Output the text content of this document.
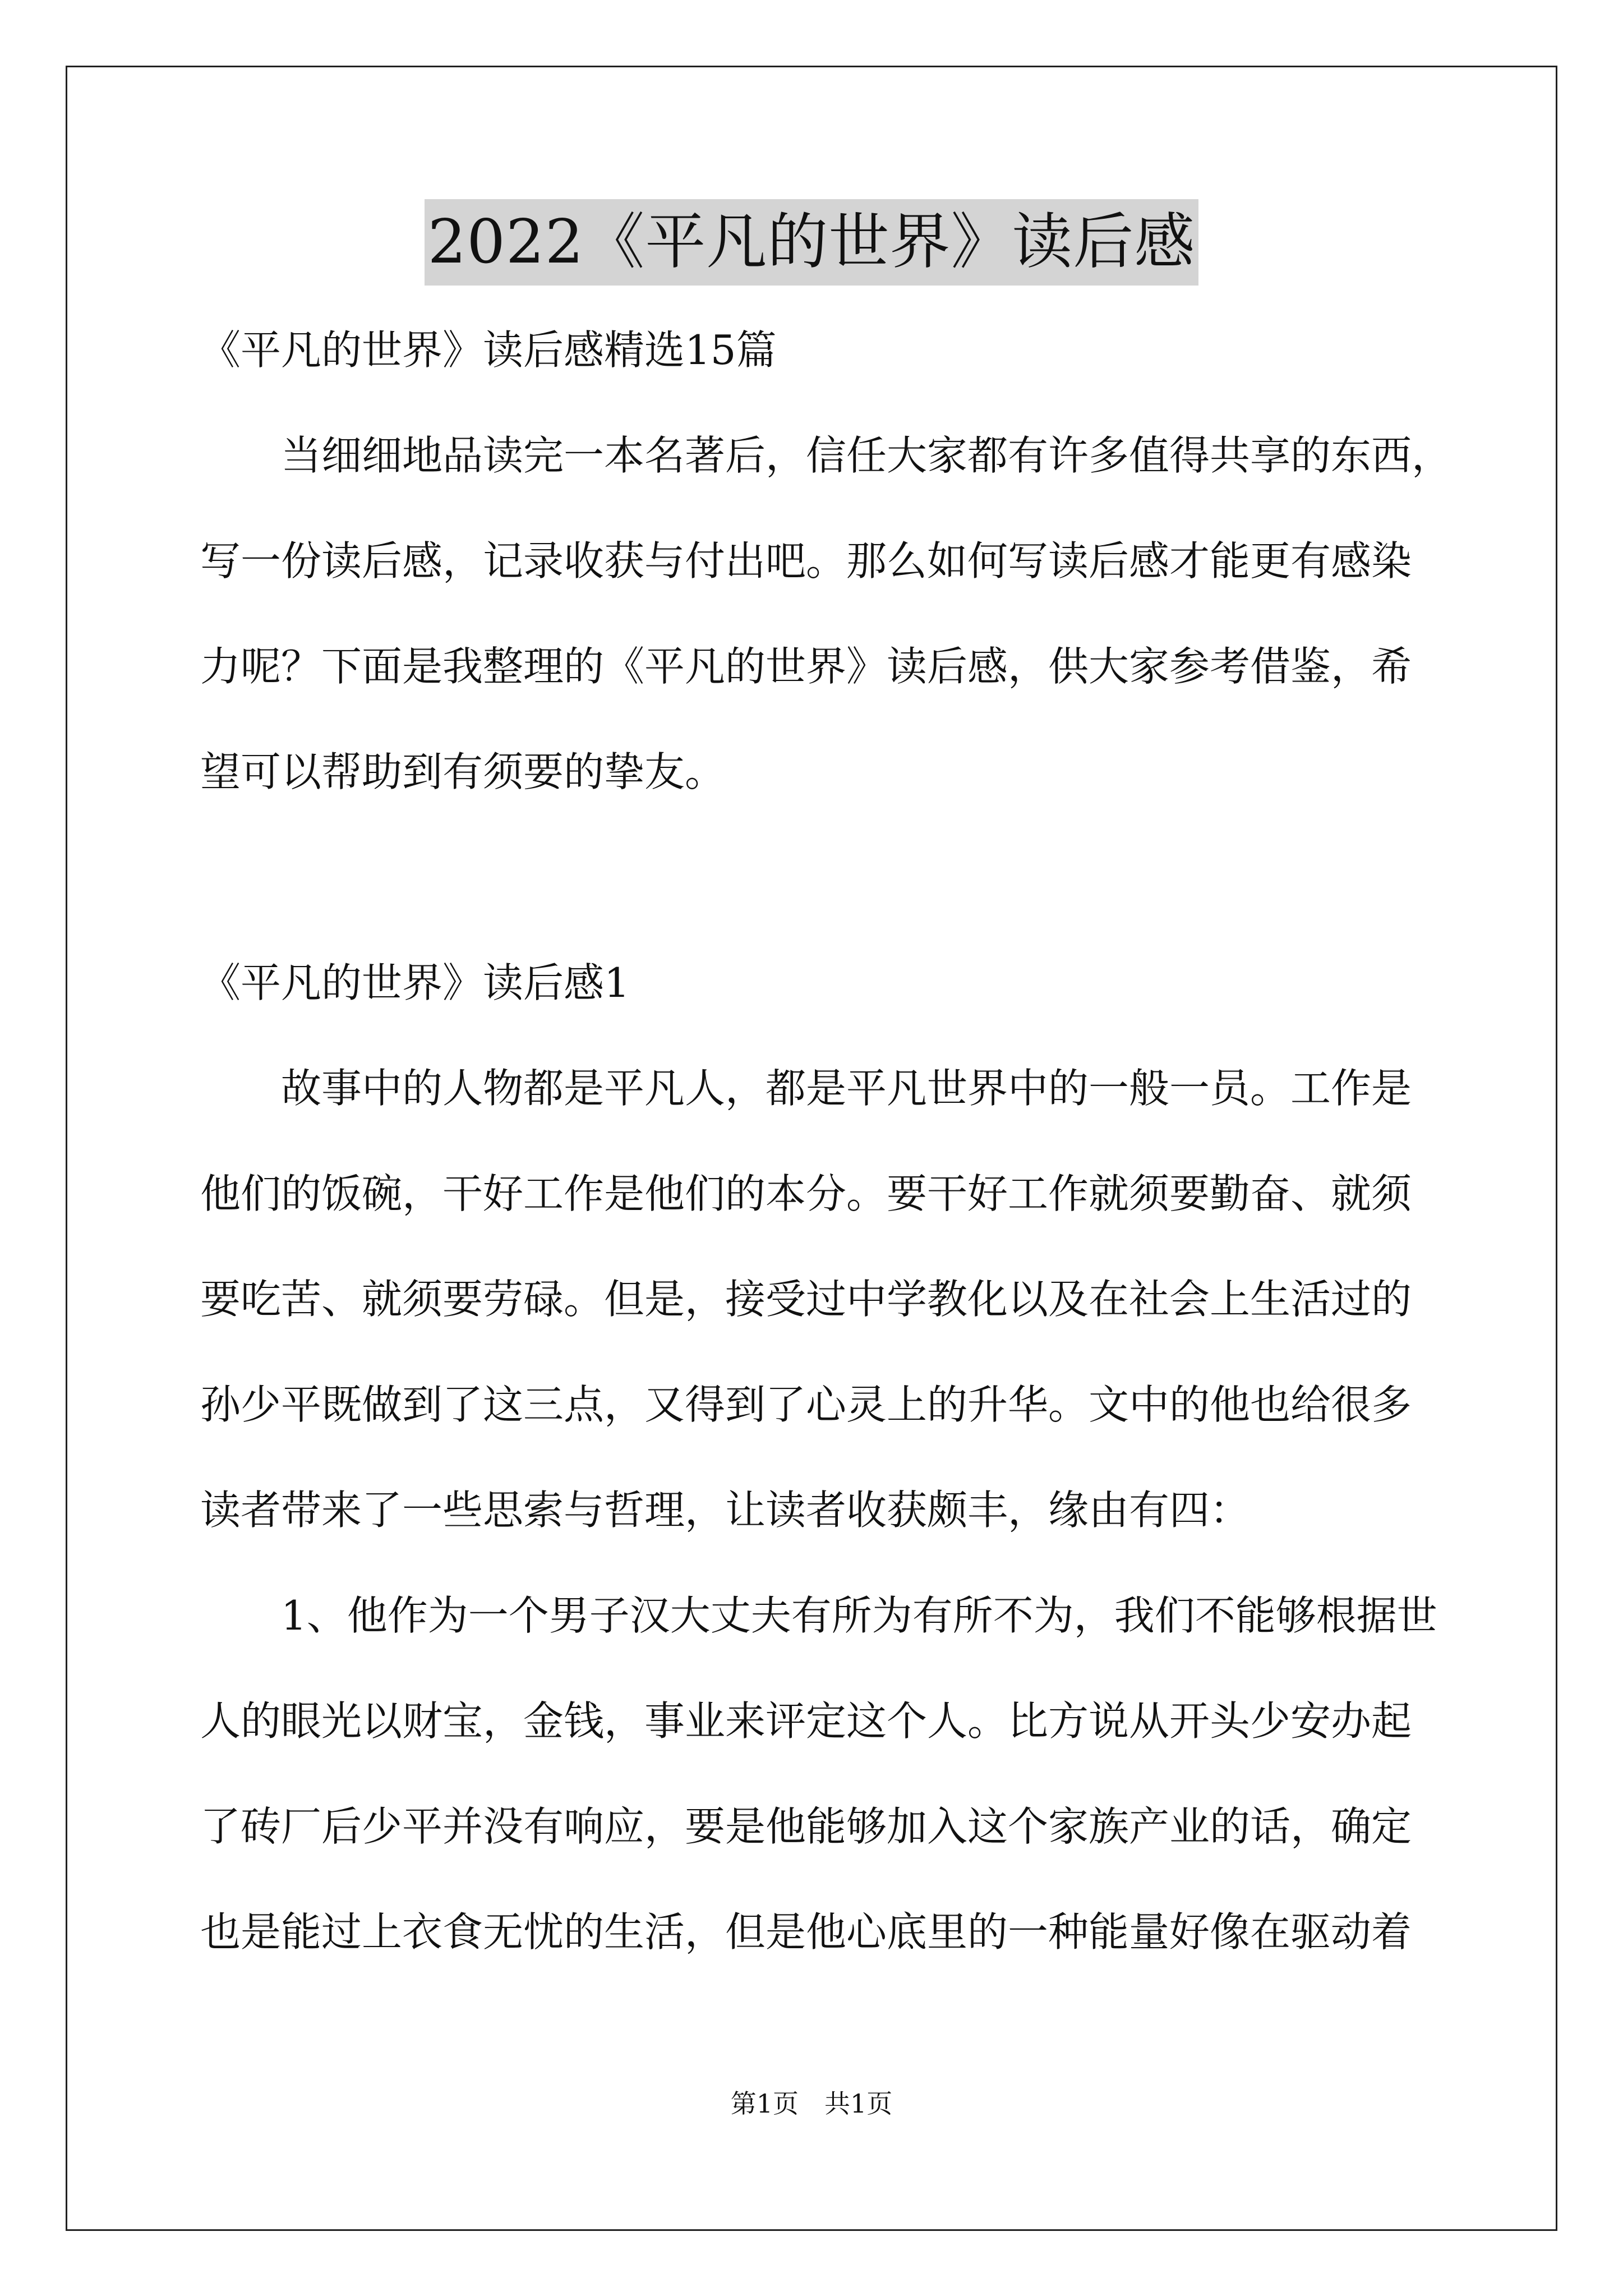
2022《平凡的世界》读后感
《平凡的世界》读后感精选15篇
当细细地品读完一本名著后，信任大家都有许多值得共享的东西，
写一份读后感，记录收获与付出吧。那么如何写读后感才能更有感染
力呢？下面是我整理的《平凡的世界》读后感，供大家参考借鉴，希
望可以帮助到有须要的挚友。
《平凡的世界》读后感1
故事中的人物都是平凡人，都是平凡世界中的一般一员。工作是
他们的饭碗，干好工作是他们的本分。要干好工作就须要勤奋、就须
要吃苦、就须要劳碌。但是，接受过中学教化以及在社会上生活过的
孙少平既做到了这三点，又得到了心灵上的升华。文中的他也给很多
读者带来了一些思索与哲理，让读者收获颇丰，缘由有四：
1、他作为一个男子汉大丈夫有所为有所不为，我们不能够根据世
人的眼光以财宝，金钱，事业来评定这个人。比方说从开头少安办起
了砖厂后少平并没有响应，要是他能够加入这个家族产业的话，确定
也是能过上衣食无忧的生活，但是他心底里的一种能量好像在驱动着
第1页　共1页
